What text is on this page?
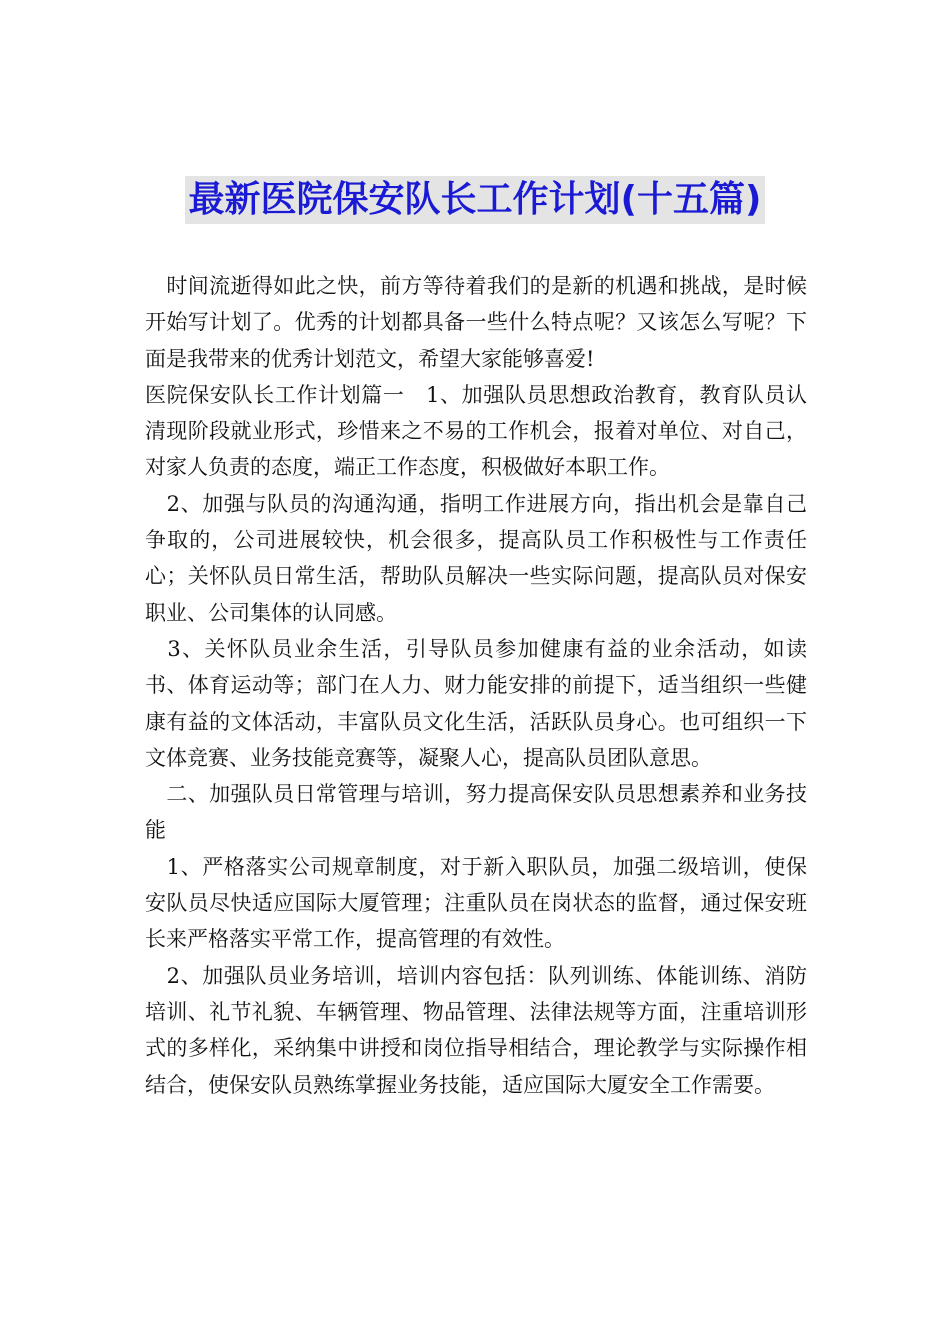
最新医院保安队长工作计划(十五篇)

　时间流逝得如此之快，前方等待着我们的是新的机遇和挑战，是时候开始写计划了。优秀的计划都具备一些什么特点呢？又该怎么写呢？下面是我带来的优秀计划范文，希望大家能够喜爱!

医院保安队长工作计划篇一　1、加强队员思想政治教育，教育队员认清现阶段就业形式，珍惜来之不易的工作机会，报着对单位、对自己，对家人负责的态度，端正工作态度，积极做好本职工作。

　2、加强与队员的沟通沟通，指明工作进展方向，指出机会是靠自己争取的，公司进展较快，机会很多，提高队员工作积极性与工作责任心；关怀队员日常生活，帮助队员解决一些实际问题，提高队员对保安职业、公司集体的认同感。

　3、关怀队员业余生活，引导队员参加健康有益的业余活动，如读书、体育运动等；部门在人力、财力能安排的前提下，适当组织一些健康有益的文体活动，丰富队员文化生活，活跃队员身心。也可组织一下文体竞赛、业务技能竞赛等，凝聚人心，提高队员团队意思。

　二、加强队员日常管理与培训，努力提高保安队员思想素养和业务技能

　1、严格落实公司规章制度，对于新入职队员，加强二级培训，使保安队员尽快适应国际大厦管理；注重队员在岗状态的监督，通过保安班长来严格落实平常工作，提高管理的有效性。

　2、加强队员业务培训，培训内容包括：队列训练、体能训练、消防培训、礼节礼貌、车辆管理、物品管理、法律法规等方面，注重培训形式的多样化，采纳集中讲授和岗位指导相结合，理论教学与实际操作相结合，使保安队员熟练掌握业务技能，适应国际大厦安全工作需要。
